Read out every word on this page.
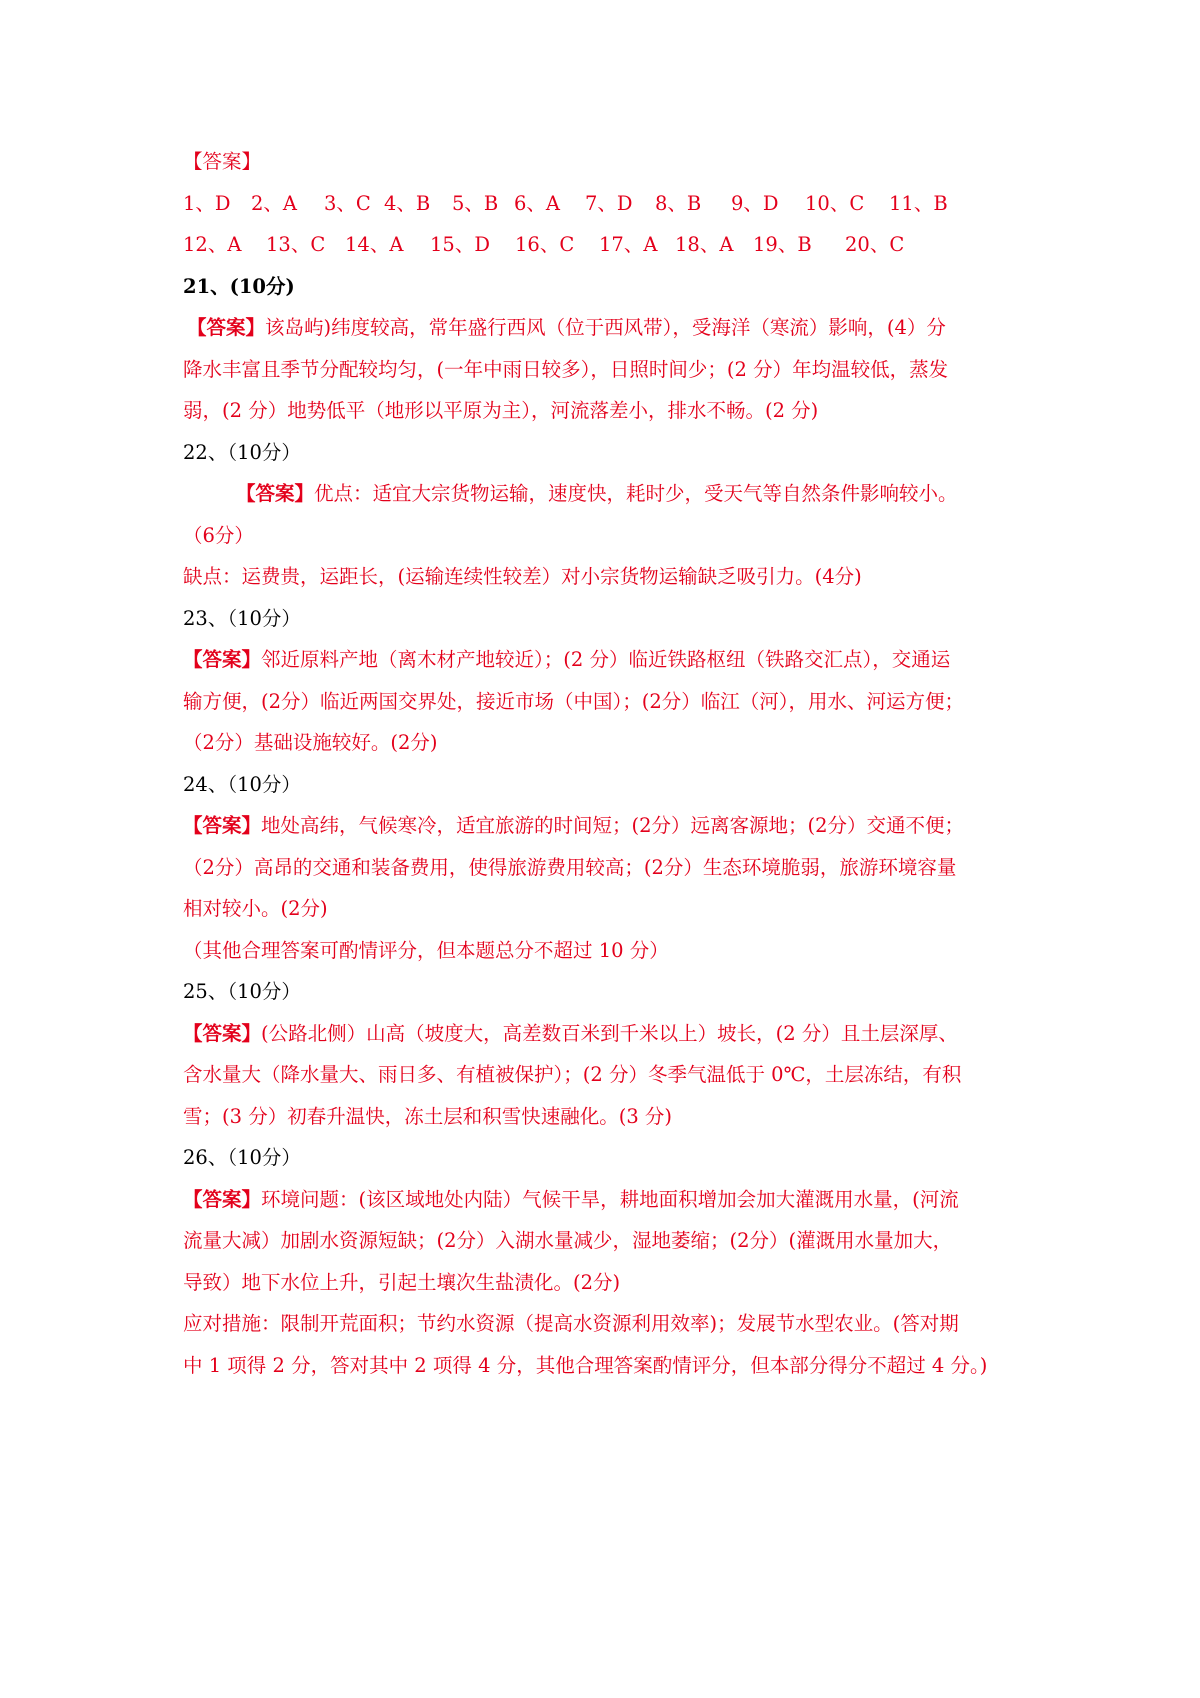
【答案】
1、D	2、A	3、C 4、B	5、B 6、A	7、D	8、B	9、D	10、C	11、B
12、A	13、C	14、A	15、D	16、C	17、A 18、A	19、B	20、C
21、(10分)
【答案】该岛屿)纬度较高，常年盛行西风（位于西风带），受海洋（寒流）影响，(4）分
降水丰富且季节分配较均匀，(一年中雨日较多），日照时间少；(2 分）年均温较低，蒸发
弱，(2 分）地势低平（地形以平原为主），河流落差小，排水不畅。(2 分)
22、（10分）
【答案】优点：适宜大宗货物运输，速度快，耗时少，受天气等自然条件影响较小。
（6分）
缺点：运费贵，运距长，(运输连续性较差）对小宗货物运输缺乏吸引力。(4分)
23、（10分）
【答案】邻近原料产地（离木材产地较近）；(2 分）临近铁路枢纽（铁路交汇点），交通运
输方便，(2分）临近两国交界处，接近市场（中国）；(2分）临江（河），用水、河运方便；
（2分）基础设施较好。(2分)
24、（10分）
【答案】地处高纬，气候寒冷，适宜旅游的时间短；(2分）远离客源地；(2分）交通不便；
（2分）高昂的交通和装备费用，使得旅游费用较高；(2分）生态环境脆弱，旅游环境容量
相对较小。(2分)
（其他合理答案可酌情评分，但本题总分不超过 10 分）
25、（10分）
【答案】(公路北侧）山高（坡度大，高差数百米到千米以上）坡长，(2 分）且土层深厚、
含水量大（降水量大、雨日多、有植被保护）；(2 分）冬季气温低于 0℃，土层冻结，有积
雪；(3 分）初春升温快，冻土层和积雪快速融化。(3 分)
26、（10分）
【答案】环境问题：(该区域地处内陆）气候干旱，耕地面积增加会加大灌溉用水量，(河流
流量大减）加剧水资源短缺；(2分）入湖水量减少，湿地萎缩；(2分）(灌溉用水量加大，
导致）地下水位上升，引起土壤次生盐渍化。(2分)
应对措施：限制开荒面积；节约水资源（提高水资源利用效率)；发展节水型农业。(答对期
中 1 项得 2 分，答对其中 2 项得 4 分，其他合理答案酌情评分，但本部分得分不超过 4 分。)
